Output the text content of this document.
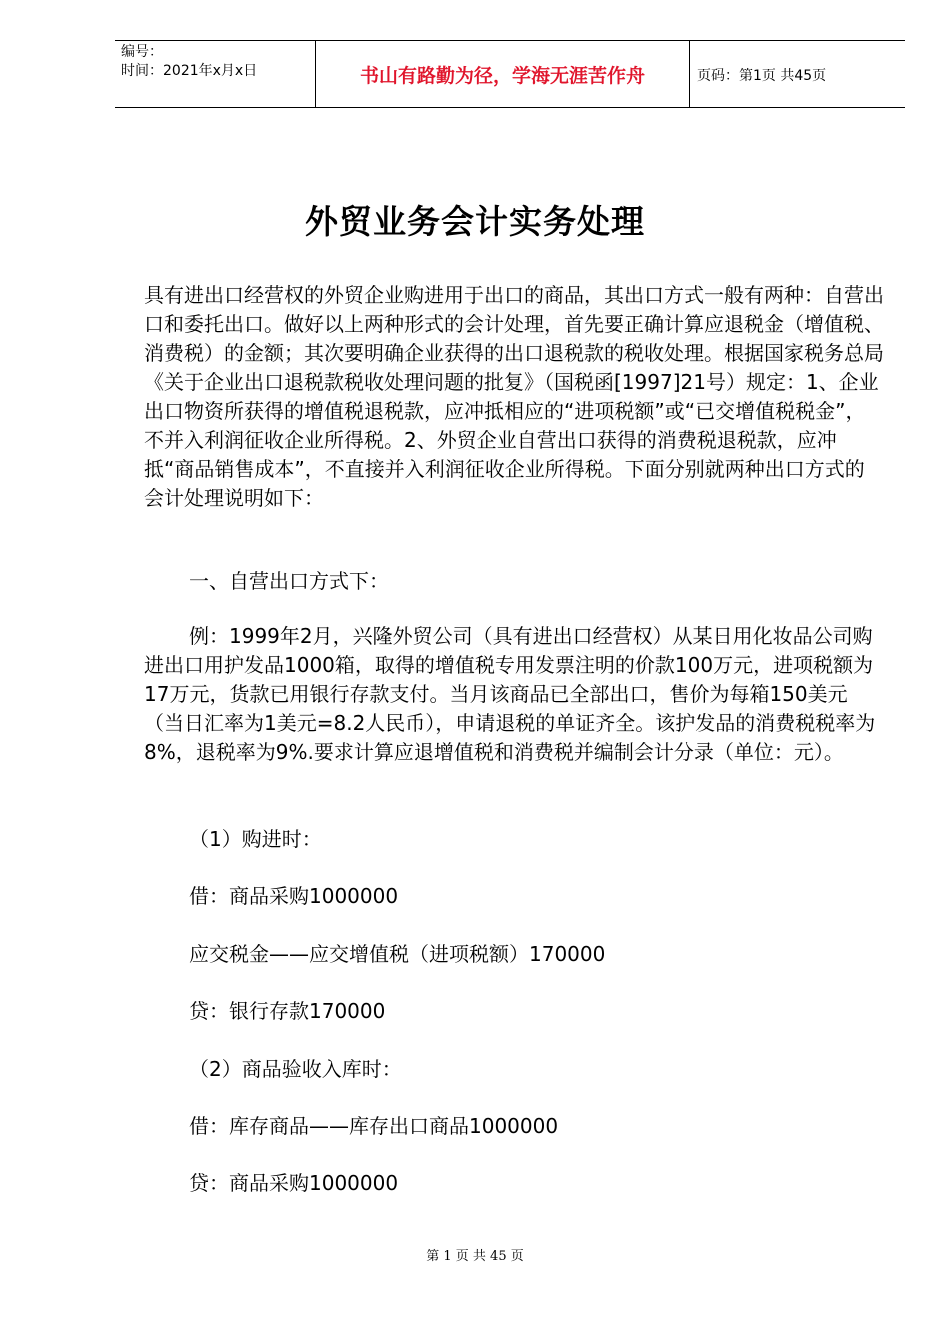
编号：
时间：2021年x月x日	书山有路勤为径，学海无涯苦作舟	页码：第1页 共45页
外贸业务会计实务处理

具有进出口经营权的外贸企业购进用于出口的商品，其出口方式一般有两种：自营出口和委托出口。做好以上两种形式的会计处理，首先要正确计算应退税金（增值税、消费税）的金额；其次要明确企业获得的出口退税款的税收处理。根据国家税务总局《关于企业出口退税款税收处理问题的批复》（国税函[1997]21号）规定：1、企业出口物资所获得的增值税退税款，应冲抵相应的“进项税额”或“已交增值税税金”，不并入利润征收企业所得税。2、外贸企业自营出口获得的消费税退税款，应冲抵“商品销售成本”，不直接并入利润征收企业所得税。下面分别就两种出口方式的会计处理说明如下：

一、自营出口方式下：

例：1999年2月，兴隆外贸公司（具有进出口经营权）从某日用化妆品公司购进出口用护发品1000箱，取得的增值税专用发票注明的价款100万元，进项税额为17万元，货款已用银行存款支付。当月该商品已全部出口，售价为每箱150美元（当日汇率为1美元=8.2人民币），申请退税的单证齐全。该护发品的消费税税率为8%，退税率为9%.要求计算应退增值税和消费税并编制会计分录（单位：元）。

（1）购进时：
借：商品采购1000000
应交税金——应交增值税（进项税额）170000
贷：银行存款170000
（2）商品验收入库时：
借：库存商品——库存出口商品1000000
贷：商品采购1000000
第 1 页 共 45 页
